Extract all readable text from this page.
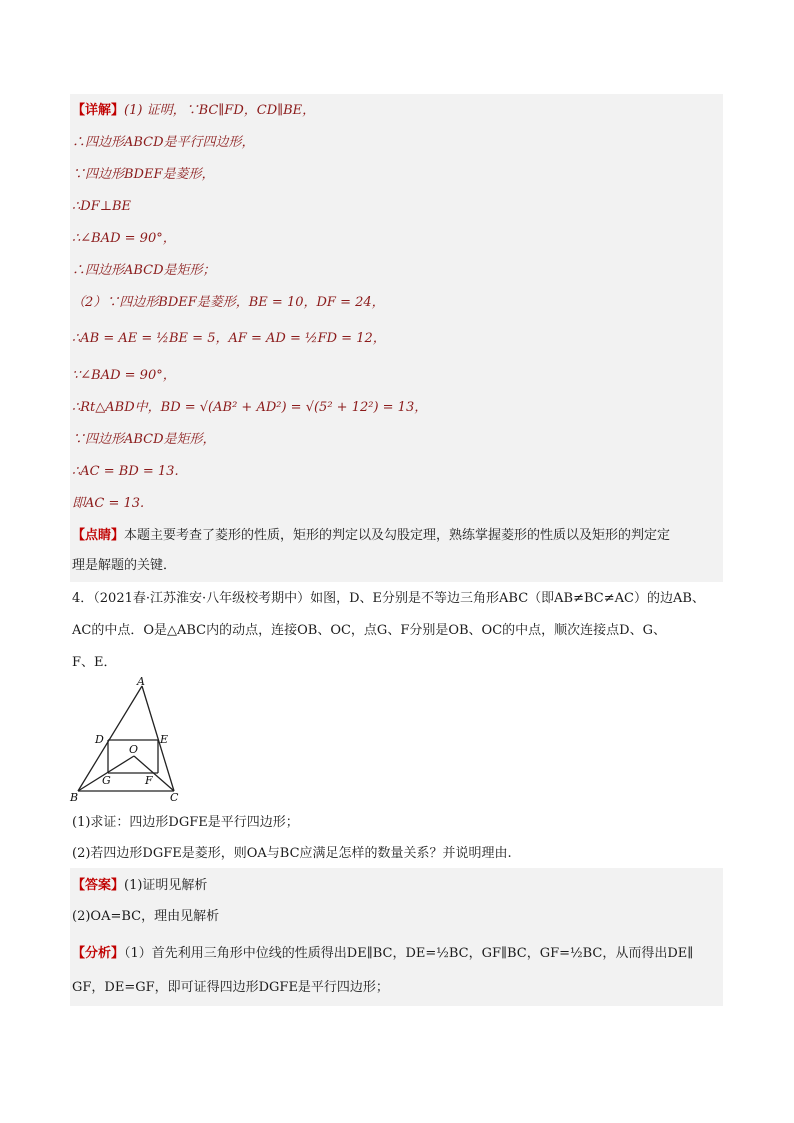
【详解】(1) 证明，∵BC∥FD，CD∥BE，
∴四边形ABCD是平行四边形，
∵四边形BDEF是菱形，
∴DF⊥BE
∴∠BAD = 90°，
∴四边形ABCD是矩形；
（2）∵四边形BDEF是菱形，BE = 10，DF = 24，
∴AB = AE = ½BE = 5，AF = AD = ½FD = 12，
∵∠BAD = 90°，
∴Rt△ABD中，BD = √(AB² + AD²) = √(5² + 12²) = 13，
∵四边形ABCD是矩形，
∴AC = BD = 13.
即AC = 13.
【点睛】本题主要考查了菱形的性质，矩形的判定以及勾股定理，熟练掌握菱形的性质以及矩形的判定定
理是解题的关键．
4．（2021春·江苏淮安·八年级校考期中）如图，D、E分别是不等边三角形ABC（即AB≠BC≠AC）的边AB、
AC的中点．O是△ABC内的动点，连接OB、OC，点G、F分别是OB、OC的中点，顺次连接点D、G、
F、E．
A
D	E
O
G	F
B	C
(1)求证：四边形DGFE是平行四边形；
(2)若四边形DGFE是菱形，则OA与BC应满足怎样的数量关系？并说明理由.
【答案】(1)证明见解析
(2)OA=BC，理由见解析
【分析】（1）首先利用三角形中位线的性质得出DE∥BC，DE=½BC，GF∥BC，GF=½BC，从而得出DE∥
GF，DE=GF，即可证得四边形DGFE是平行四边形；
